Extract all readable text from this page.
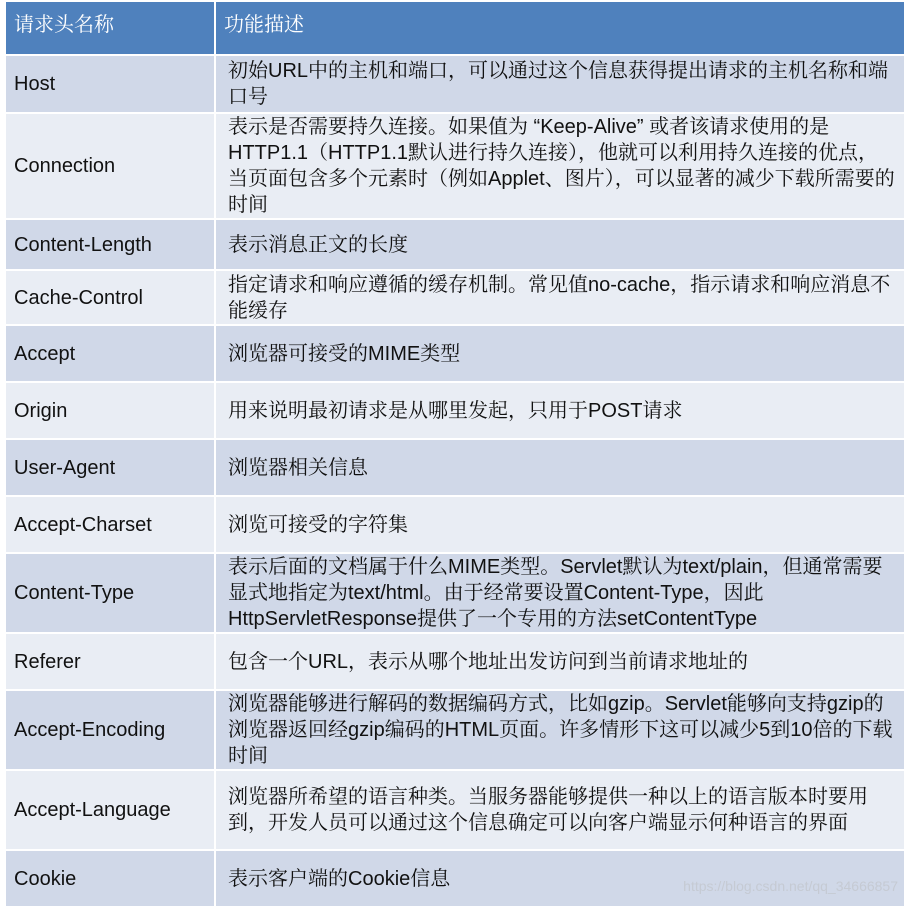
请求头名称	功能描述
Host	初始URL中的主机和端口，可以通过这个信息获得提出请求的主机名称和端口号
Connection	表示是否需要持久连接。如果值为 “Keep-Alive” 或者该请求使用的是HTTP1.1（HTTP1.1默认进行持久连接），他就可以利用持久连接的优点，当页面包含多个元素时（例如Applet、图片），可以显著的减少下载所需要的时间
Content-Length	表示消息正文的长度
Cache-Control	指定请求和响应遵循的缓存机制。常见值no-cache，指示请求和响应消息不能缓存
Accept	浏览器可接受的MIME类型
Origin	用来说明最初请求是从哪里发起，只用于POST请求
User-Agent	浏览器相关信息
Accept-Charset	浏览可接受的字符集
Content-Type	表示后面的文档属于什么MIME类型。Servlet默认为text/plain，但通常需要显式地指定为text/html。由于经常要设置Content-Type，因此HttpServletResponse提供了一个专用的方法setContentType
Referer	包含一个URL，表示从哪个地址出发访问到当前请求地址的
Accept-Encoding	浏览器能够进行解码的数据编码方式，比如gzip。Servlet能够向支持gzip的浏览器返回经gzip编码的HTML页面。许多情形下这可以减少5到10倍的下载时间
Accept-Language	浏览器所希望的语言种类。当服务器能够提供一种以上的语言版本时要用到，开发人员可以通过这个信息确定可以向客户端显示何种语言的界面
Cookie	表示客户端的Cookie信息	https://blog.csdn.net/qq_34666857
